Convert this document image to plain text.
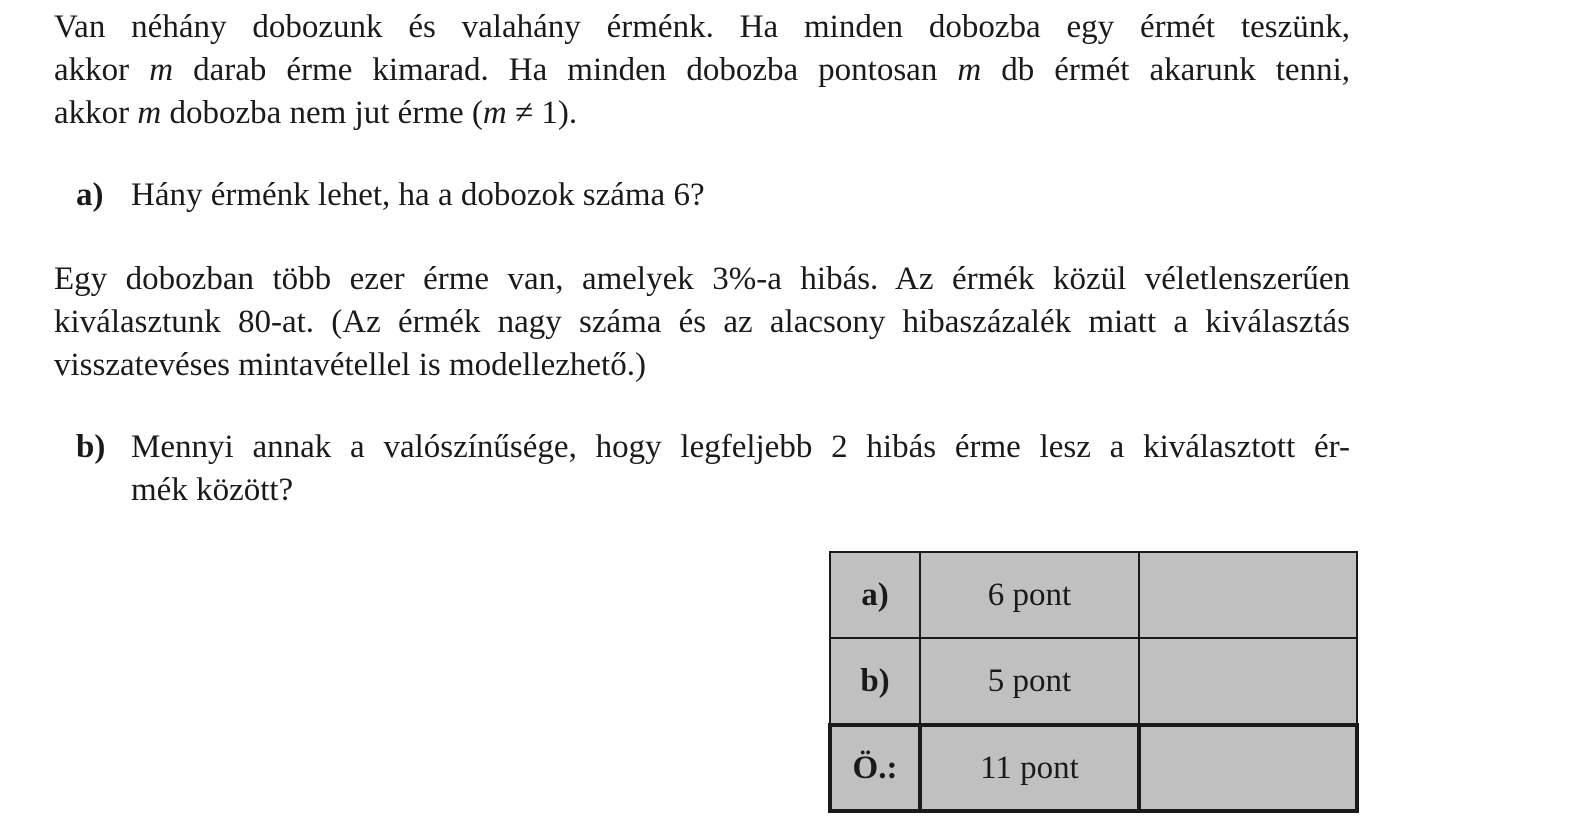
Van néhány dobozunk és valahány érménk. Ha minden dobozba egy érmét teszünk,
akkor m darab érme kimarad. Ha minden dobozba pontosan m db érmét akarunk tenni,
akkor m dobozba nem jut érme (m ≠ 1).
a) Hány érménk lehet, ha a dobozok száma 6?
Egy dobozban több ezer érme van, amelyek 3%-a hibás. Az érmék közül véletlenszerűen
kiválasztunk 80-at. (Az érmék nagy száma és az alacsony hibaszázalék miatt a kiválasztás
visszatevéses mintavétellel is modellezhető.)
b) Mennyi annak a valószínűsége, hogy legfeljebb 2 hibás érme lesz a kiválasztott ér-
mék között?
a)	6 pont	
b)	5 pont	
Ö.:	11 pont	
